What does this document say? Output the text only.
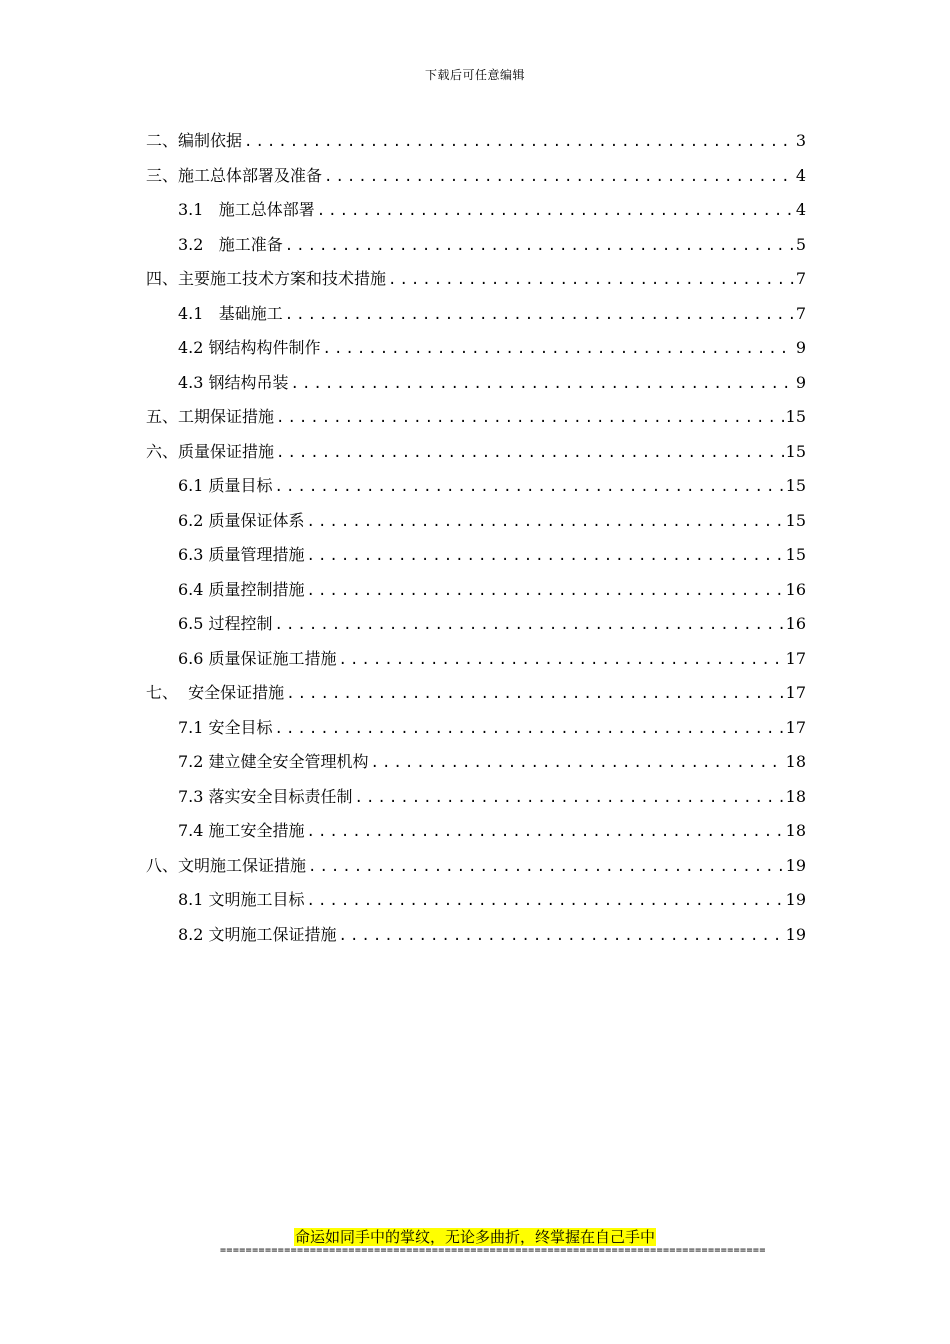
下载后可任意编辑
二、编制依据 .....	3
三、施工总体部署及准备 .....	4
3.1   施工总体部署 .....	4
3.2   施工准备 .....	5
四、主要施工技术方案和技术措施 .....	7
4.1   基础施工 .....	7
4.2 钢结构构件制作 .....	9
4.3 钢结构吊装 .....	9
五、工期保证措施 .....	15
六、质量保证措施 .....	15
6.1 质量目标 .....	15
6.2 质量保证体系 .....	15
6.3 质量管理措施 .....	15
6.4 质量控制措施 .....	16
6.5 过程控制 .....	16
6.6 质量保证施工措施 .....	17
七、  安全保证措施 .....	17
7.1 安全目标 .....	17
7.2 建立健全安全管理机构 .....	18
7.3 落实安全目标责任制 .....	18
7.4 施工安全措施 .....	18
八、文明施工保证措施 .....	19
8.1 文明施工目标 .....	19
8.2 文明施工保证措施 .....	19
命运如同手中的掌纹，无论多曲折，终掌握在自己手中
=====================================================================================
